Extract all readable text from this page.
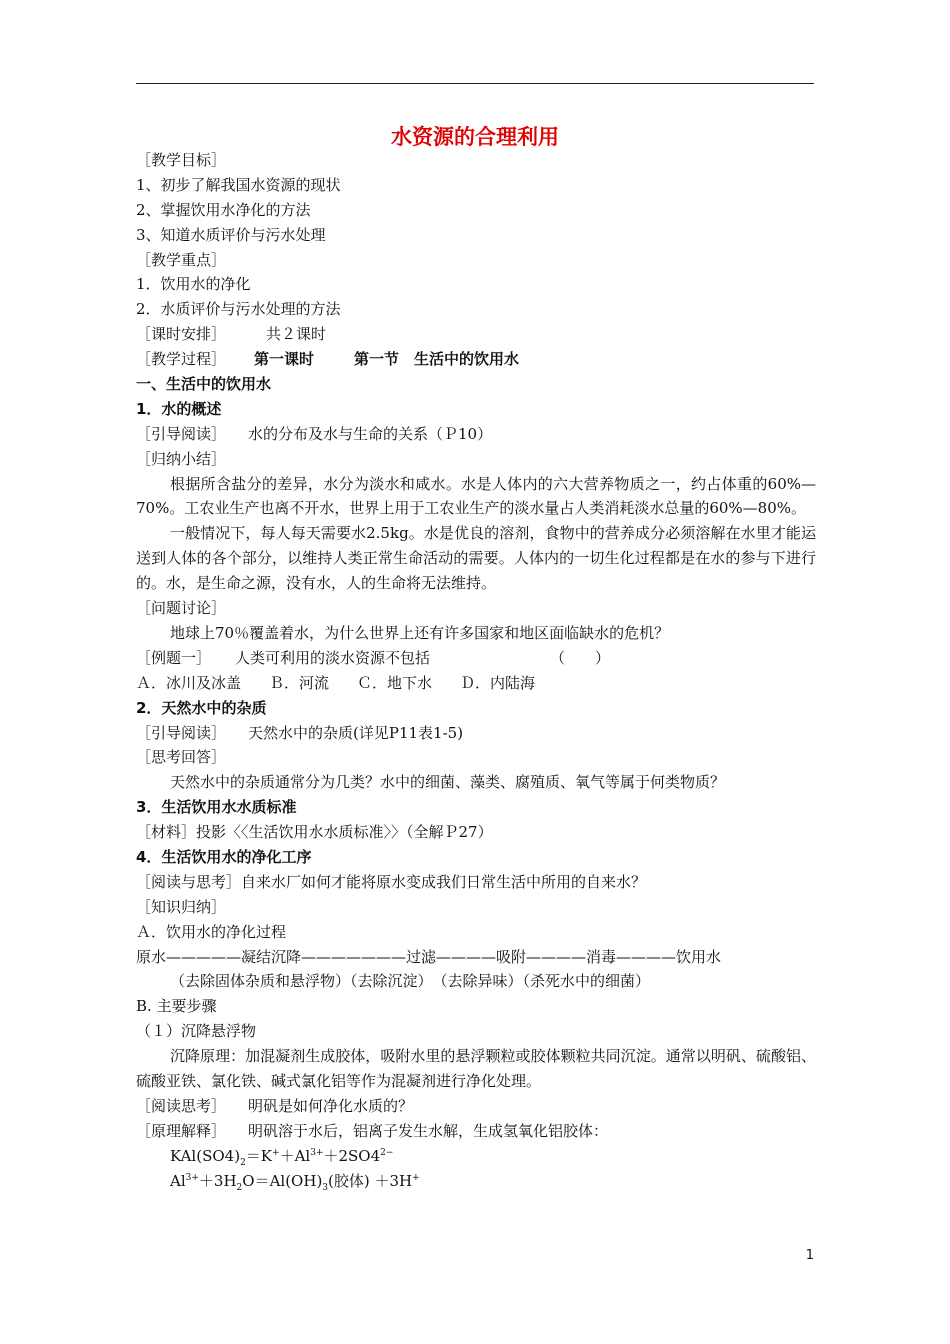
水资源的合理利用
［教学目标］
1、初步了解我国水资源的现状
2、掌握饮用水净化的方法
3、知道水质评价与污水处理
［教学重点］
1．饮用水的净化
2．水质评价与污水处理的方法
［课时安排］	共２课时
［教学过程］ 第一课时	第一节　生活中的饮用水
一、生活中的饮用水
1．水的概述
［引导阅读］ 水的分布及水与生命的关系（Ｐ10）
［归纳小结］
根据所含盐分的差异，水分为淡水和咸水。水是人体内的六大营养物质之一，约占体重的60%—70%。工农业生产也离不开水，世界上用于工农业生产的淡水量占人类消耗淡水总量的60%—80%。
一般情况下，每人每天需要水2.5kg。水是优良的溶剂，食物中的营养成分必须溶解在水里才能运送到人体的各个部分，以维持人类正常生命活动的需要。人体内的一切生化过程都是在水的参与下进行的。水，是生命之源，没有水，人的生命将无法维持。
［问题讨论］
地球上70％覆盖着水，为什么世界上还有许多国家和地区面临缺水的危机？
［例题一］ 人类可利用的淡水资源不包括	（　　）
Ａ．冰川及冰盖 Ｂ．河流 Ｃ．地下水 Ｄ．内陆海
2．天然水中的杂质
［引导阅读］ 天然水中的杂质(详见P11表1-5)
［思考回答］
天然水中的杂质通常分为几类？水中的细菌、藻类、腐殖质、氧气等属于何类物质？
3．生活饮用水水质标准
［材料］投影〈〈生活饮用水水质标准〉〉（全解Ｐ27）
4．生活饮用水的净化工序
［阅读与思考］自来水厂如何才能将原水变成我们日常生活中所用的自来水？
［知识归纳］
Ａ．饮用水的净化过程
原水—————凝结沉降———————过滤————吸附————消毒————饮用水
（去除固体杂质和悬浮物）（去除沉淀）　（去除异味）（杀死水中的细菌）
B. 主要步骤
（１）沉降悬浮物
沉降原理：加混凝剂生成胶体，吸附水里的悬浮颗粒或胶体颗粒共同沉淀。通常以明矾、硫酸铝、硫酸亚铁、氯化铁、碱式氯化铝等作为混凝剂进行净化处理。
［阅读思考］ 明矾是如何净化水质的？
［原理解释］ 明矾溶于水后，铝离子发生水解，生成氢氧化铝胶体：
$KAl(SO4)_2=K^++Al^{3+}+2SO4^{2-}$
$Al^{3+}+3H_2O=Al(OH)_3$(胶体) ＋3H+
1
